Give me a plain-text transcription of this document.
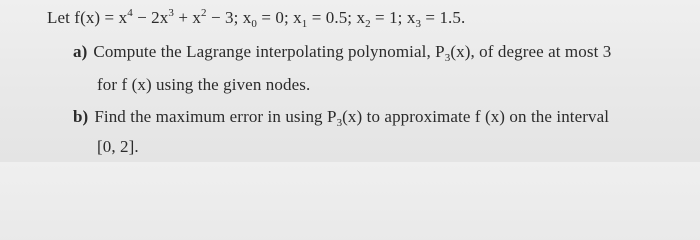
Let $f(x) = x^4 - 2x^3 + x^2 - 3$; $x_0 = 0$; $x_1 = 0.5$; $x_2 = 1$; $x_3 = 1.5$.
a) Compute the Lagrange interpolating polynomial, $P_3(x)$, of degree at most 3
for f (x) using the given nodes.
b) Find the maximum error in using $P_3(x)$ to approximate f (x) on the interval
[0, 2].
